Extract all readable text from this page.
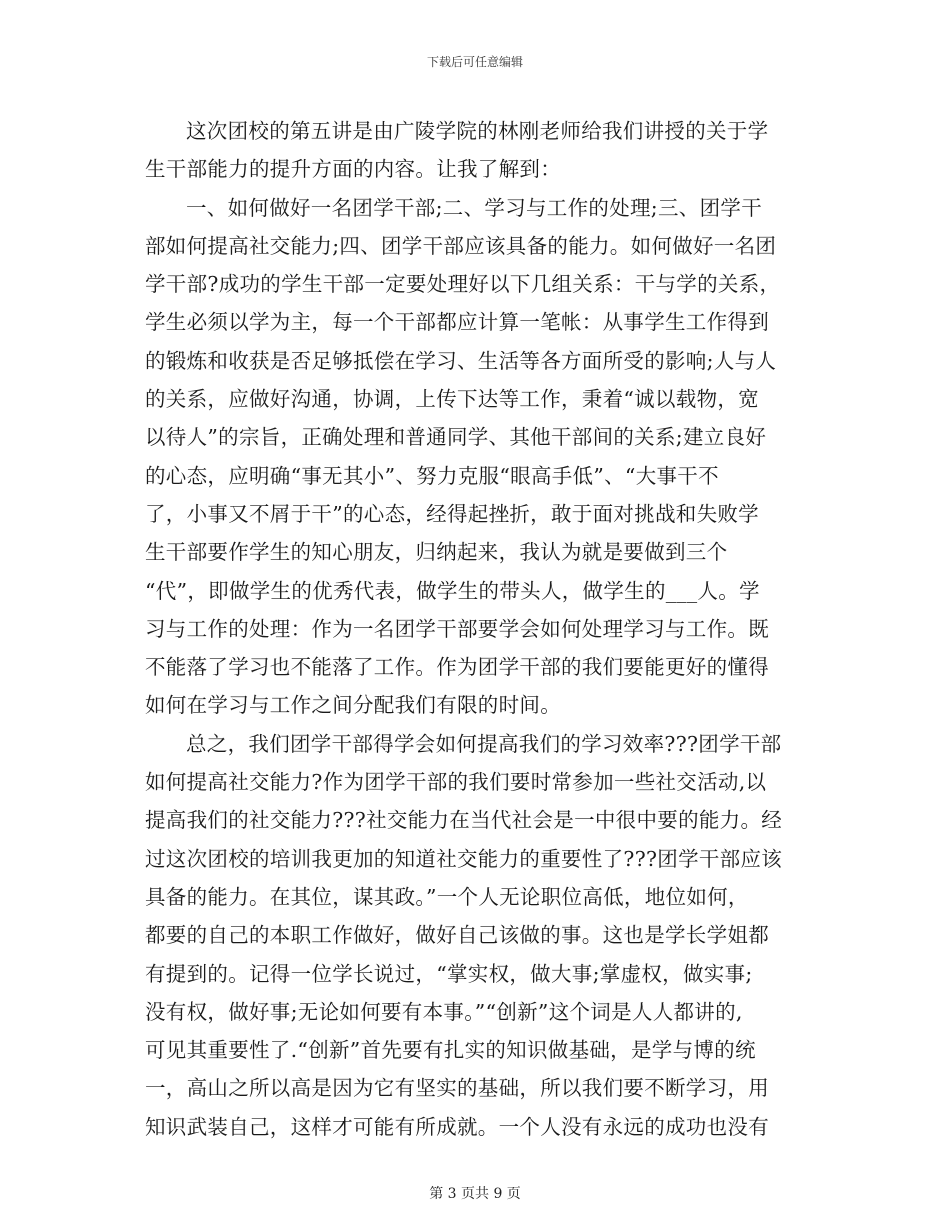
下载后可任意编辑
这次团校的第五讲是由广陵学院的林刚老师给我们讲授的关于学
生干部能力的提升方面的内容。让我了解到：
一、如何做好一名团学干部;二、学习与工作的处理;三、团学干
部如何提高社交能力;四、团学干部应该具备的能力。如何做好一名团
学干部?成功的学生干部一定要处理好以下几组关系：干与学的关系，
学生必须以学为主，每一个干部都应计算一笔帐：从事学生工作得到
的锻炼和收获是否足够抵偿在学习、生活等各方面所受的影响;人与人
的关系，应做好沟通，协调，上传下达等工作，秉着“诚以载物，宽
以待人”的宗旨，正确处理和普通同学、其他干部间的关系;建立良好
的心态，应明确“事无其小”、努力克服“眼高手低”、“大事干不
了，小事又不屑于干”的心态，经得起挫折，敢于面对挑战和失败学
生干部要作学生的知心朋友，归纳起来，我认为就是要做到三个
“代”，即做学生的优秀代表，做学生的带头人，做学生的___人。学
习与工作的处理：作为一名团学干部要学会如何处理学习与工作。既
不能落了学习也不能落了工作。作为团学干部的我们要能更好的懂得
如何在学习与工作之间分配我们有限的时间。
总之，我们团学干部得学会如何提高我们的学习效率???团学干部
如何提高社交能力?作为团学干部的我们要时常参加一些社交活动,以
提高我们的社交能力???社交能力在当代社会是一中很中要的能力。经
过这次团校的培训我更加的知道社交能力的重要性了???团学干部应该
具备的能力。在其位，谋其政。”一个人无论职位高低，地位如何，
都要的自己的本职工作做好，做好自己该做的事。这也是学长学姐都
有提到的。记得一位学长说过，“掌实权，做大事;掌虚权，做实事;
没有权，做好事;无论如何要有本事。”“创新”这个词是人人都讲的,
可见其重要性了.“创新”首先要有扎实的知识做基础，是学与博的统
一，高山之所以高是因为它有坚实的基础，所以我们要不断学习，用
知识武装自己，这样才可能有所成就。一个人没有永远的成功也没有
第 3 页共 9 页
